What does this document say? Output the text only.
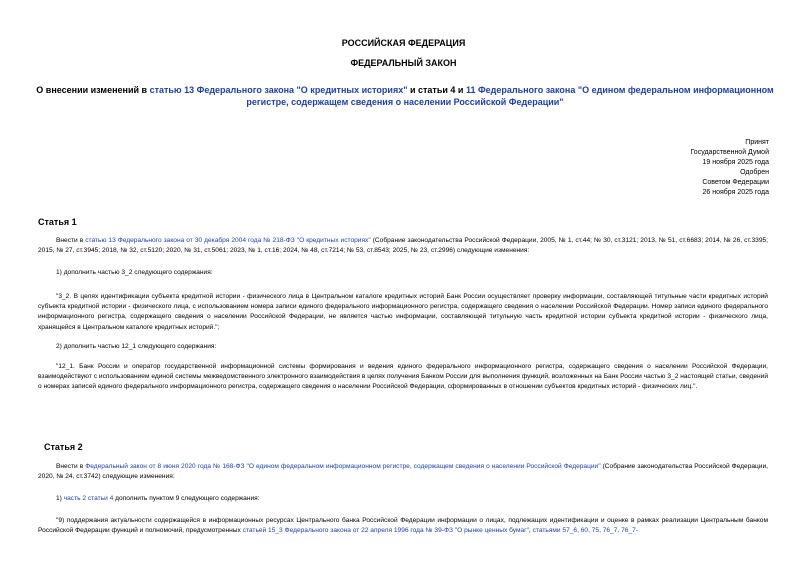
РОССИЙСКАЯ ФЕДЕРАЦИЯ
ФЕДЕРАЛЬНЫЙ ЗАКОН
О внесении изменений в статью 13 Федерального закона "О кредитных историях" и статьи 4 и 11 Федерального закона "О едином федеральном информационном регистре, содержащем сведения о населении Российской Федерации"
Принят
Государственной Думой
19 ноября 2025 года
Одобрен
Советом Федерации
26 ноября 2025 года
Статья 1
Внести в статью 13 Федерального закона от 30 декабря 2004 года № 218-ФЗ "О кредитных историях" (Собрание законодательства Российской Федерации, 2005, № 1, ст.44; № 30, ст.3121; 2013, № 51, ст.6683; 2014, № 26, ст.3395; 2015, № 27, ст.3945; 2018, № 32, ст.5120; 2020, № 31, ст.5061; 2023, № 1, ст.16; 2024, № 48, ст.7214; № 53, ст.8543; 2025, № 23, ст.2996) следующие изменения:
1) дополнить частью 3_2 следующего содержания:
"3_2. В целях идентификации субъекта кредитной истории - физического лица в Центральном каталоге кредитных историй Банк России осуществляет проверку информации, составляющей титульные части кредитных историй субъекта кредитной истории - физического лица, с использованием номера записи единого федерального информационного регистра, содержащего сведения о населении Российской Федерации. Номер записи единого федерального информационного регистра, содержащего сведения о населении Российской Федерации, не является частью информации, составляющей титульную часть кредитной истории субъекта кредитной истории - физического лица, хранящейся в Центральном каталоге кредитных историй.";
2) дополнить частью 12_1 следующего содержания:
"12_1. Банк России и оператор государственной информационной системы формирования и ведения единого федерального информационного регистра, содержащего сведения о населении Российской Федерации, взаимодействуют с использованием единой системы межведомственного электронного взаимодействия в целях получения Банком России для выполнения функций, возложенных на Банк России частью 3_2 настоящей статьи, сведений о номерах записей единого федерального информационного регистра, содержащего сведения о населении Российской Федерации, сформированных в отношении субъектов кредитных историй - физических лиц.".
Статья 2
Внести в Федеральный закон от 8 июня 2020 года № 168-ФЗ "О едином федеральном информационном регистре, содержащем сведения о населении Российской Федерации" (Собрание законодательства Российской Федерации, 2020, № 24, ст.3742) следующие изменения:
1) часть 2 статьи 4 дополнить пунктом 9 следующего содержания:
"9) поддержания актуальности содержащейся в информационных ресурсах Центрального банка Российской Федерации информации о лицах, подлежащих идентификации и оценке в рамках реализации Центральным банком Российской Федерации функций и полномочий, предусмотренных статьей 15_3 Федерального закона от 22 апреля 1996 года № 39-ФЗ "О рынке ценных бумаг", статьями 57_6, 60, 75, 76_7, 76_7-
